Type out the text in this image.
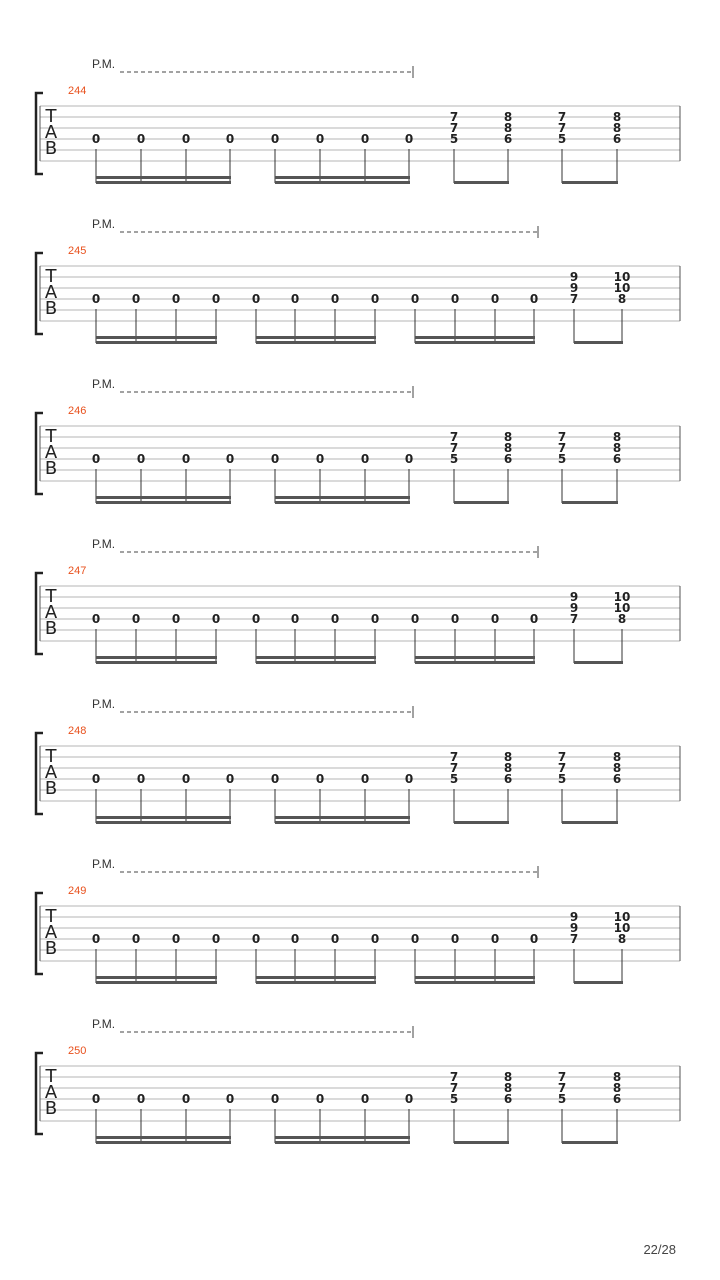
T
A
B
244
P.M.
0	0	0	0	0	0	0	0
7
7
5
8
8
6
7
7
5
8
8
6
T
A
B
245
P.M.
0	0	0	0	0	0	0	0	0	0	0	0
9
9
7
10
10
8
T
A
B
246
P.M.
0	0	0	0	0	0	0	0
7
7
5
8
8
6
7
7
5
8
8
6
T
A
B
247
P.M.
0	0	0	0	0	0	0	0	0	0	0	0
9
9
7
10
10
8
T
A
B
248
P.M.
0	0	0	0	0	0	0	0
7
7
5
8
8
6
7
7
5
8
8
6
T
A
B
249
P.M.
0	0	0	0	0	0	0	0	0	0	0	0
9
9
7
10
10
8
T
A
B
250
P.M.
0	0	0	0	0	0	0	0
7
7
5
8
8
6
7
7
5
8
8
6
22/28
